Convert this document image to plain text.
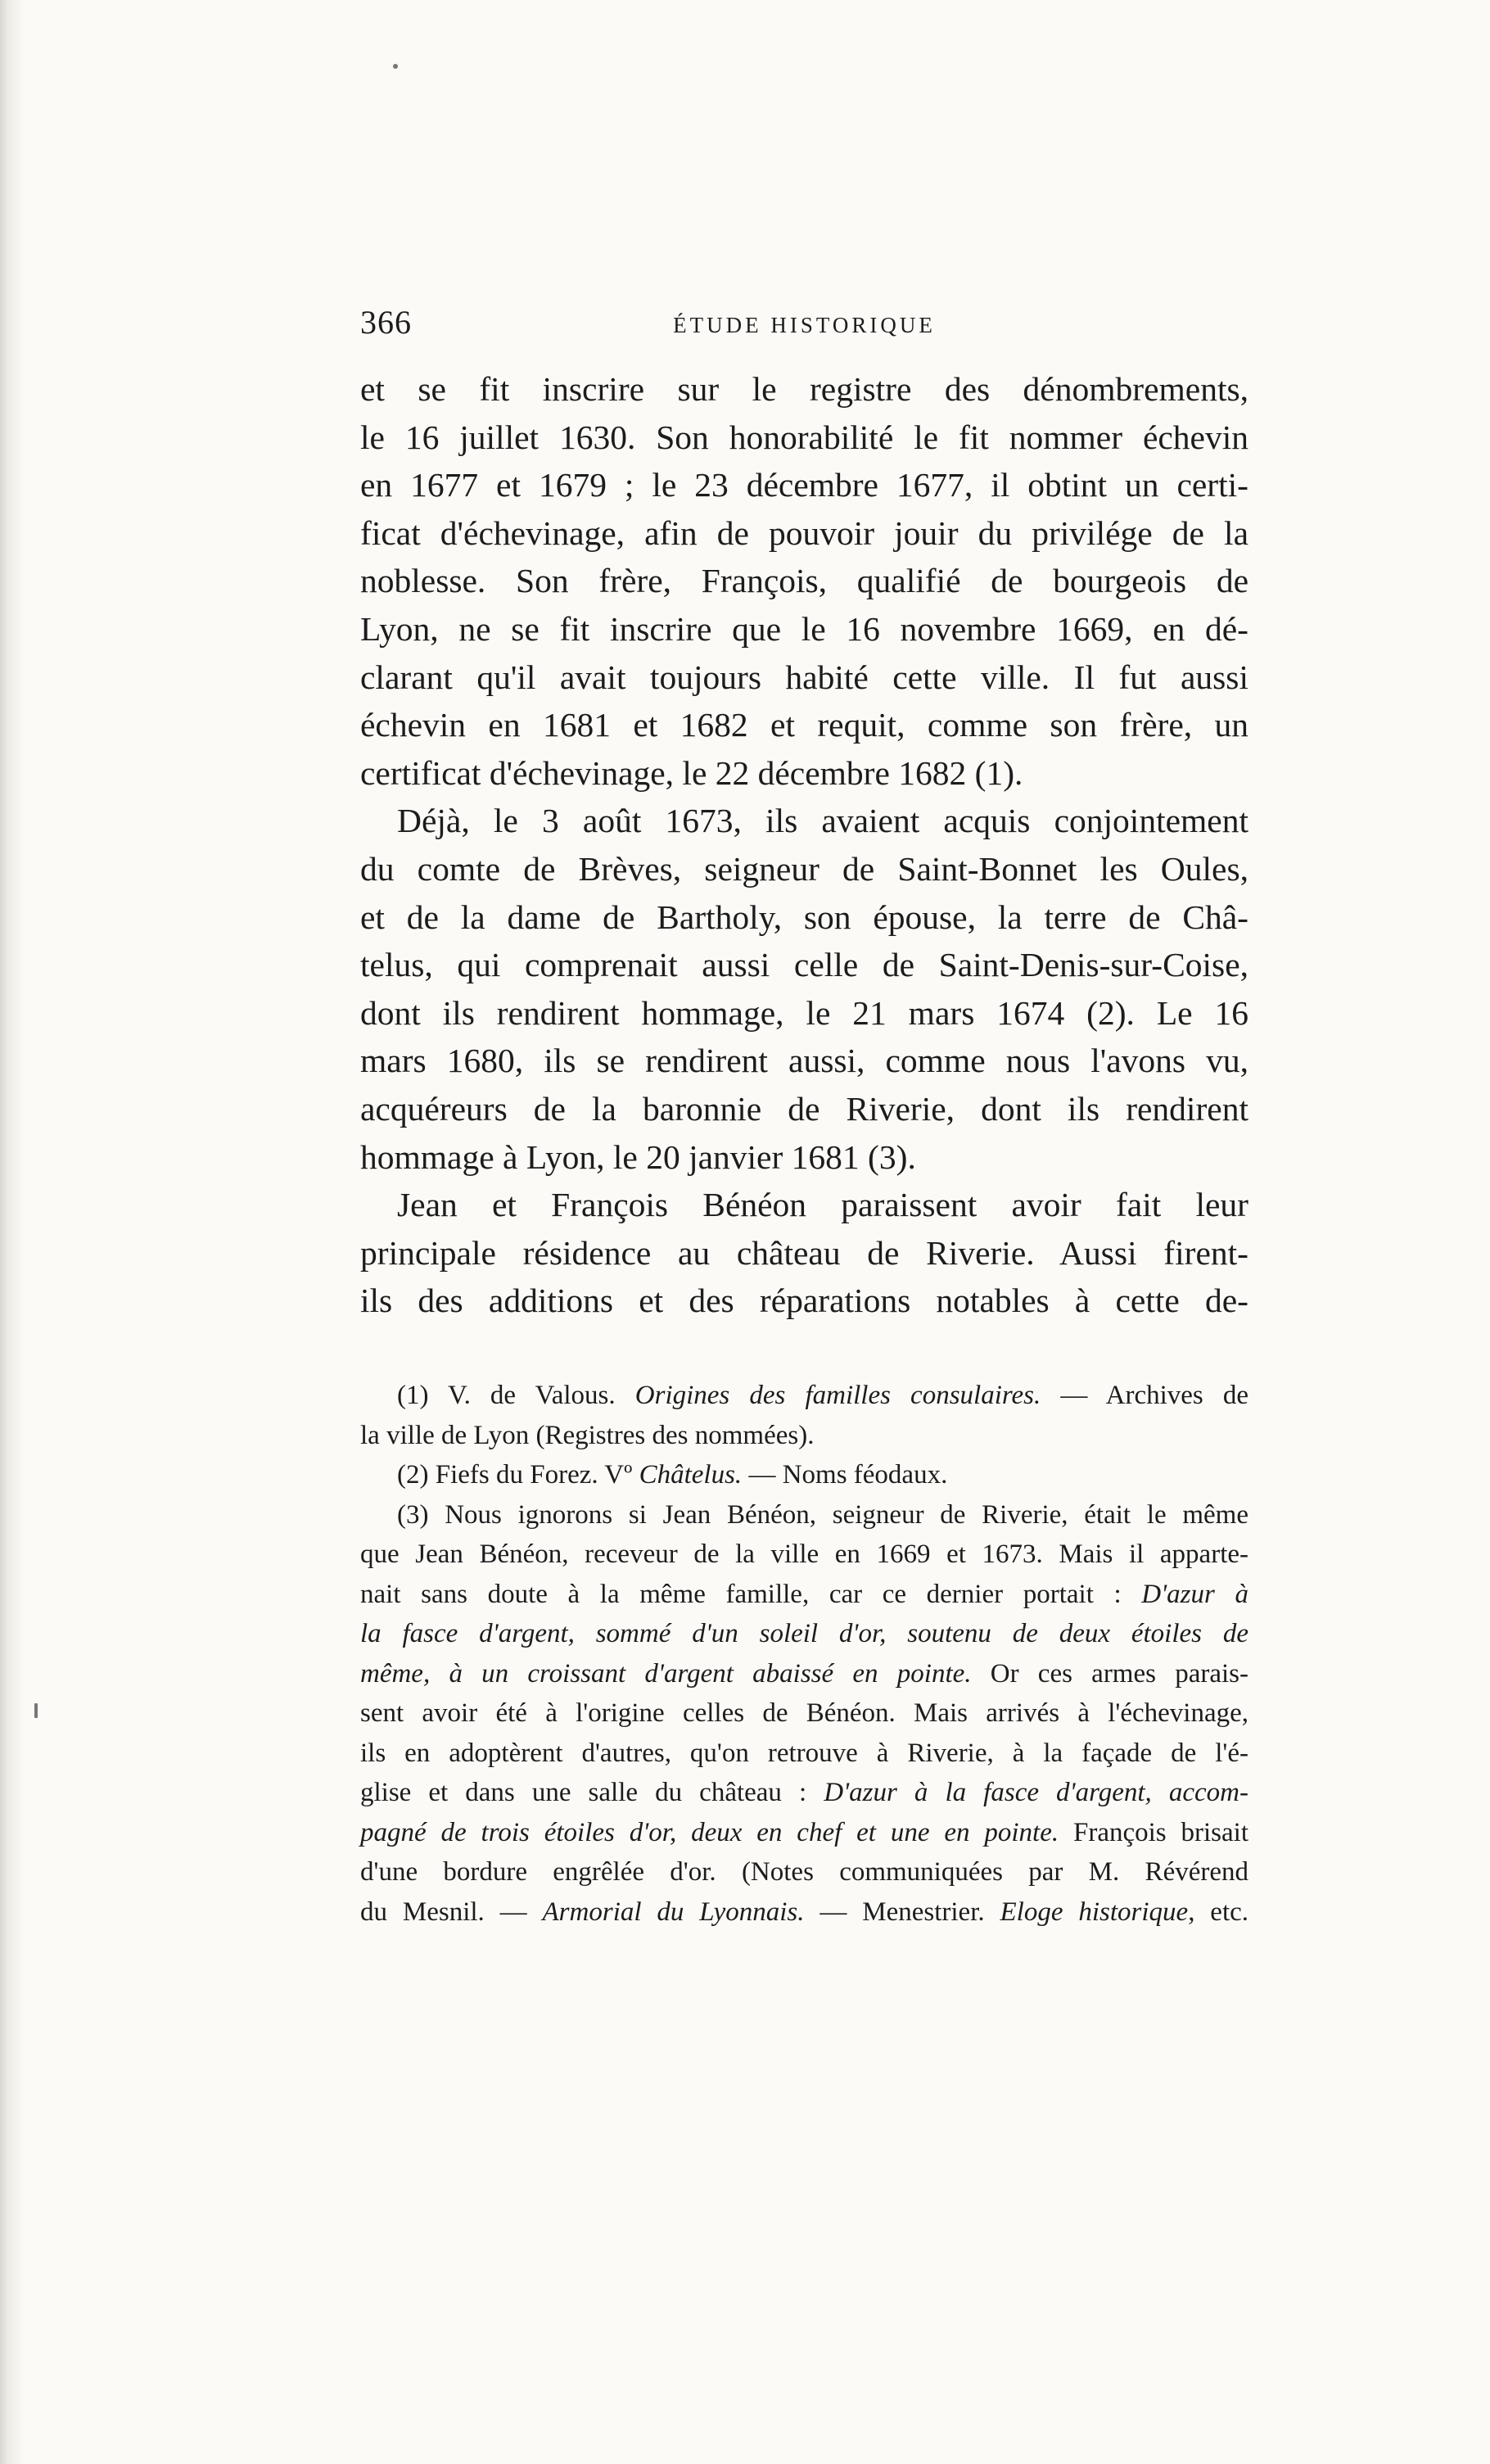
366	ÉTUDE HISTORIQUE
et se fit inscrire sur le registre des dénombrements,
le 16 juillet 1630. Son honorabilité le fit nommer échevin
en 1677 et 1679 ; le 23 décembre 1677, il obtint un certi-
ficat d'échevinage, afin de pouvoir jouir du privilége de la
noblesse. Son frère, François, qualifié de bourgeois de
Lyon, ne se fit inscrire que le 16 novembre 1669, en dé-
clarant qu'il avait toujours habité cette ville. Il fut aussi
échevin en 1681 et 1682 et requit, comme son frère, un
certificat d'échevinage, le 22 décembre 1682 (1).
Déjà, le 3 août 1673, ils avaient acquis conjointement
du comte de Brèves, seigneur de Saint-Bonnet les Oules,
et de la dame de Bartholy, son épouse, la terre de Châ-
telus, qui comprenait aussi celle de Saint-Denis-sur-Coise,
dont ils rendirent hommage, le 21 mars 1674 (2). Le 16
mars 1680, ils se rendirent aussi, comme nous l'avons vu,
acquéreurs de la baronnie de Riverie, dont ils rendirent
hommage à Lyon, le 20 janvier 1681 (3).
Jean et François Bénéon paraissent avoir fait leur
principale résidence au château de Riverie. Aussi firent-
ils des additions et des réparations notables à cette de-
(1) V. de Valous. Origines des familles consulaires. — Archives de
la ville de Lyon (Registres des nommées).
(2) Fiefs du Forez. Vº Châtelus. — Noms féodaux.
(3) Nous ignorons si Jean Bénéon, seigneur de Riverie, était le même
que Jean Bénéon, receveur de la ville en 1669 et 1673. Mais il apparte-
nait sans doute à la même famille, car ce dernier portait : D'azur à
la fasce d'argent, sommé d'un soleil d'or, soutenu de deux étoiles de
même, à un croissant d'argent abaissé en pointe. Or ces armes parais-
sent avoir été à l'origine celles de Bénéon. Mais arrivés à l'échevinage,
ils en adoptèrent d'autres, qu'on retrouve à Riverie, à la façade de l'é-
glise et dans une salle du château : D'azur à la fasce d'argent, accom-
pagné de trois étoiles d'or, deux en chef et une en pointe. François brisait
d'une bordure engrêlée d'or. (Notes communiquées par M. Révérend
du Mesnil. — Armorial du Lyonnais. — Menestrier. Eloge historique, etc.
